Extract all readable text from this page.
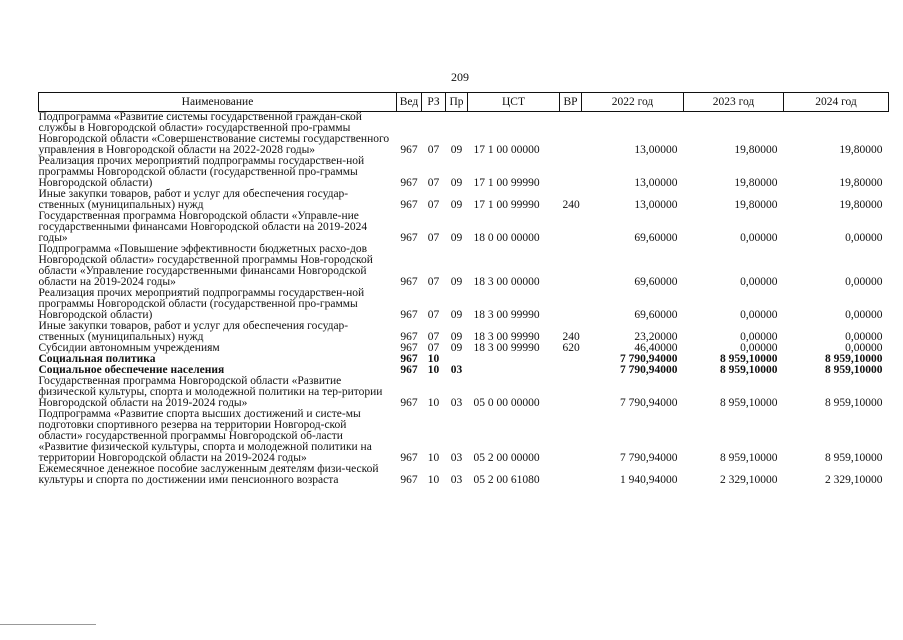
209
Наименование	Вед	РЗ	Пр	ЦСТ	ВР	2022 год	2023 год	2024 год
Подпрограмма «Развитие системы государственной граждан-ской службы в Новгородской области» государственной про-граммы Новгородской области «Совершенствование системы государственного управления в Новгородской области на 2022-2028 годы»	967	07	09	17 1 00 00000		13,00000	19,80000	19,80000
Реализация прочих мероприятий подпрограммы государствен-ной программы Новгородской области (государственной про-граммы Новгородской области)	967	07	09	17 1 00 99990		13,00000	19,80000	19,80000
Иные закупки товаров, работ и услуг для обеспечения государ-ственных (муниципальных) нужд	967	07	09	17 1 00 99990	240	13,00000	19,80000	19,80000
Государственная программа Новгородской области «Управле-ние государственными финансами Новгородской области на 2019-2024 годы»	967	07	09	18 0 00 00000		69,60000	0,00000	0,00000
Подпрограмма «Повышение эффективности бюджетных расхо-дов Новгородской области» государственной программы Нов-городской области «Управление государственными финансами Новгородской области на 2019-2024 годы»	967	07	09	18 3 00 00000		69,60000	0,00000	0,00000
Реализация прочих мероприятий подпрограммы государствен-ной программы Новгородской области (государственной про-граммы Новгородской области)	967	07	09	18 3 00 99990		69,60000	0,00000	0,00000
Иные закупки товаров, работ и услуг для обеспечения государ-ственных (муниципальных) нужд	967	07	09	18 3 00 99990	240	23,20000	0,00000	0,00000
Субсидии автономным учреждениям	967	07	09	18 3 00 99990	620	46,40000	0,00000	0,00000
Социальная политика	967	10				7 790,94000	8 959,10000	8 959,10000
Социальное обеспечение населения	967	10	03			7 790,94000	8 959,10000	8 959,10000
Государственная программа Новгородской области «Развитие физической культуры, спорта и молодежной политики на тер-ритории Новгородской области на 2019-2024 годы»	967	10	03	05 0 00 00000		7 790,94000	8 959,10000	8 959,10000
Подпрограмма «Развитие спорта высших достижений и систе-мы подготовки спортивного резерва на территории Новгород-ской области» государственной программы Новгородской об-ласти «Развитие физической культуры, спорта и молодежной политики на территории Новгородской области на 2019-2024 годы»	967	10	03	05 2 00 00000		7 790,94000	8 959,10000	8 959,10000
Ежемесячное денежное пособие заслуженным деятелям физи-ческой культуры и спорта по достижении ими пенсионного возраста	967	10	03	05 2 00 61080		1 940,94000	2 329,10000	2 329,10000
